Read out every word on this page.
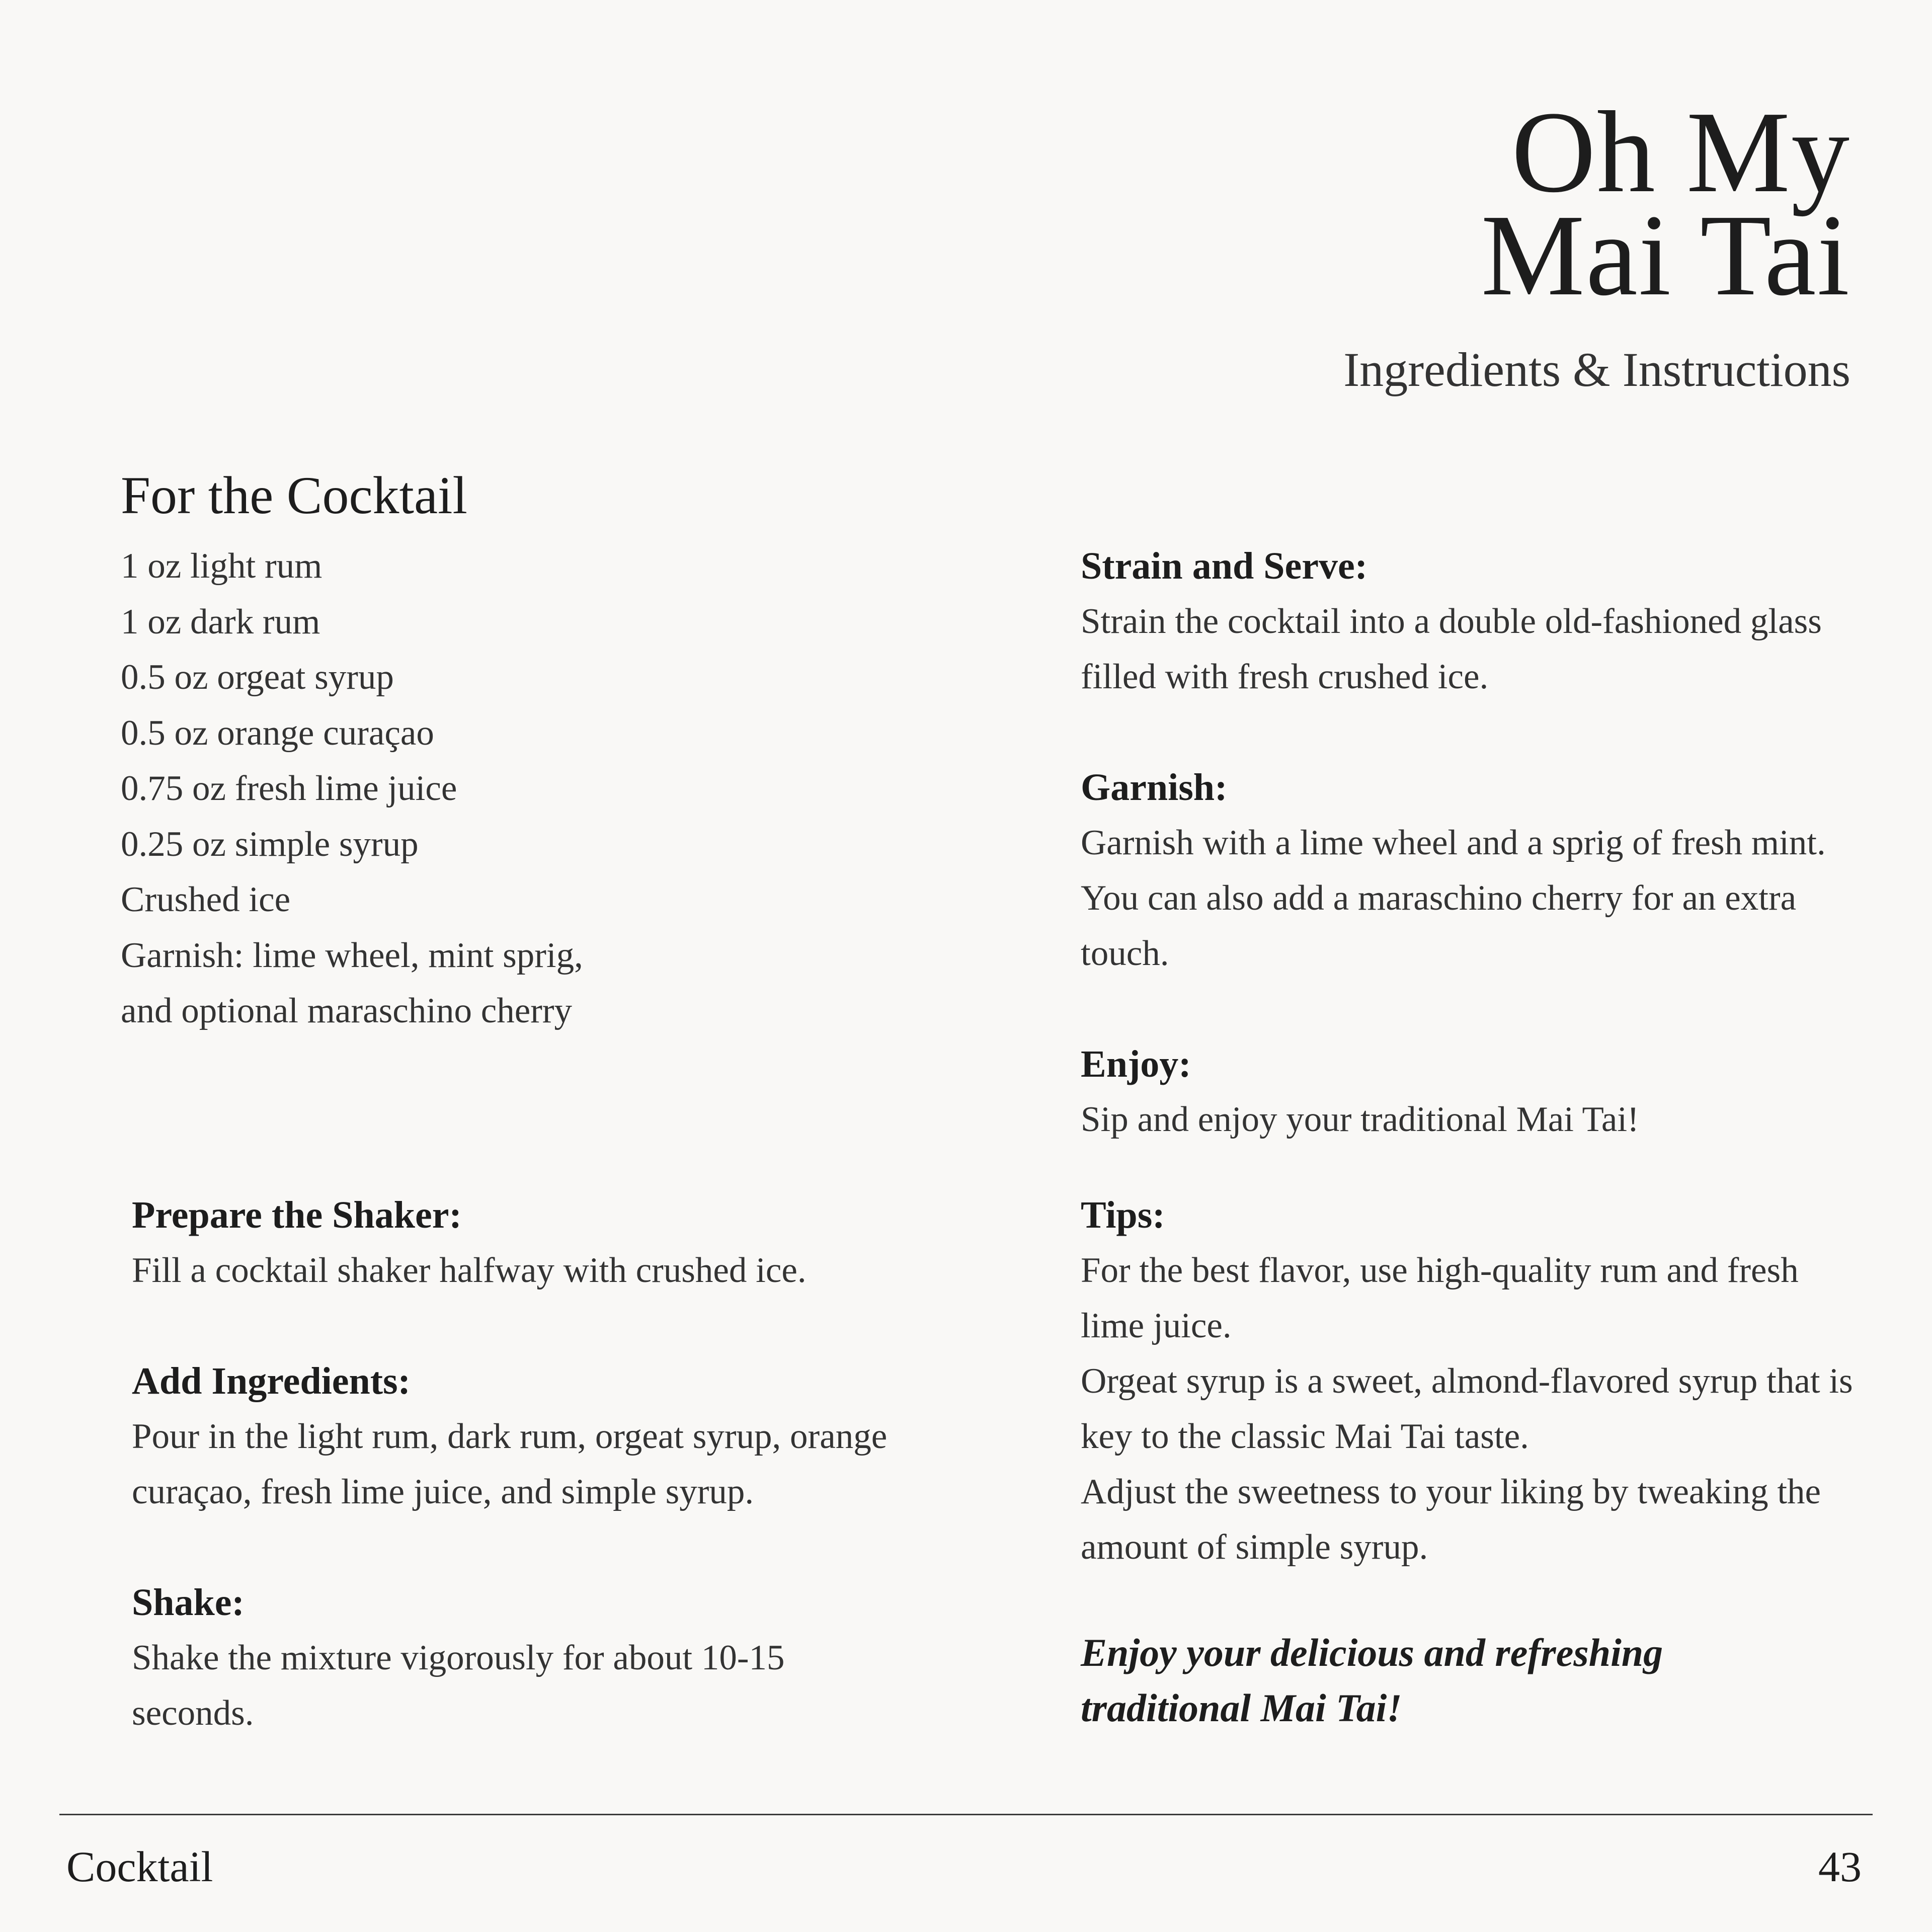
Oh My
Mai Tai
Ingredients & Instructions
For the Cocktail
1 oz light rum
1 oz dark rum
0.5 oz orgeat syrup
0.5 oz orange curaçao
0.75 oz fresh lime juice
0.25 oz simple syrup
Crushed ice
Garnish: lime wheel, mint sprig,
and optional maraschino cherry
Prepare the Shaker:
Fill a cocktail shaker halfway with crushed ice.
Add Ingredients:
Pour in the light rum, dark rum, orgeat syrup, orange curaçao, fresh lime juice, and simple syrup.
Shake:
Shake the mixture vigorously for about 10-15 seconds.
Strain and Serve:
Strain the cocktail into a double old-fashioned glass filled with fresh crushed ice.
Garnish:
Garnish with a lime wheel and a sprig of fresh mint. You can also add a maraschino cherry for an extra touch.
Enjoy:
Sip and enjoy your traditional Mai Tai!
Tips:
For the best flavor, use high-quality rum and fresh lime juice.
Orgeat syrup is a sweet, almond-flavored syrup that is key to the classic Mai Tai taste.
Adjust the sweetness to your liking by tweaking the amount of simple syrup.
Enjoy your delicious and refreshing traditional Mai Tai!
Cocktail	43
